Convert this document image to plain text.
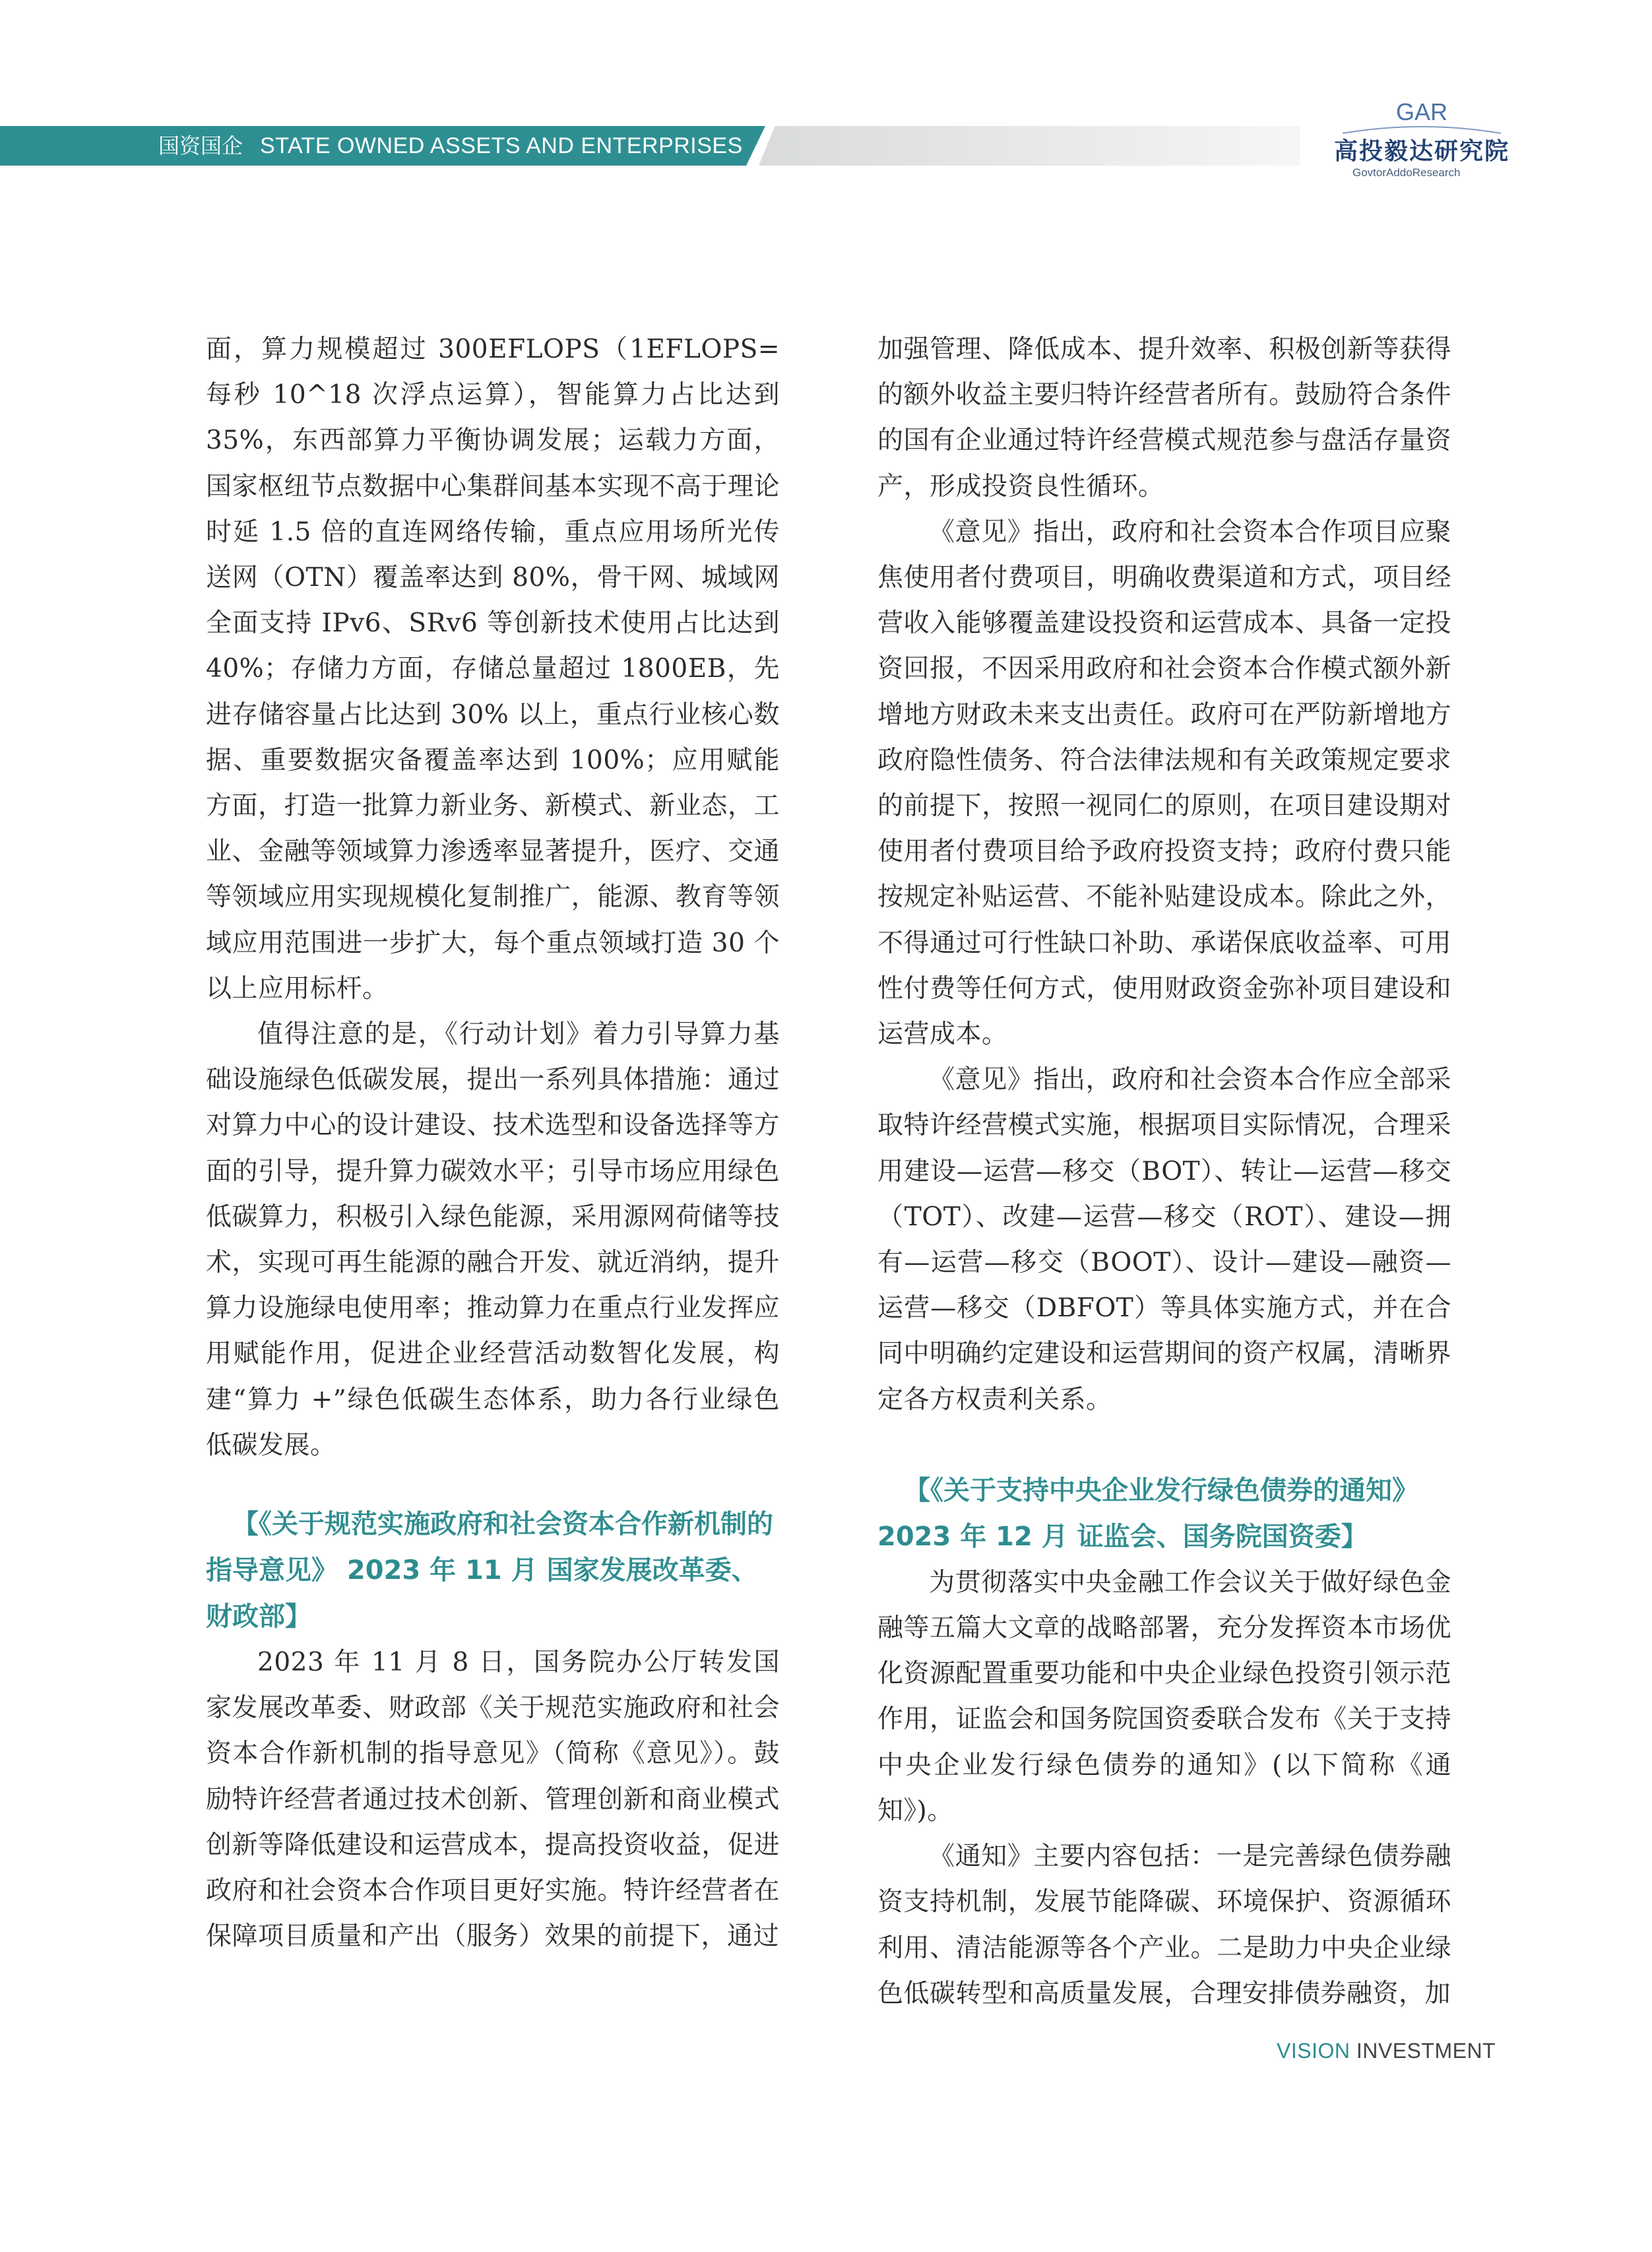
国资国企 STATE OWNED ASSETS AND ENTERPRISES
GAR
高投毅达研究院
GovtorAddoResearch

面，算力规模超过 300EFLOPS（1EFLOPS=每秒 10^18 次浮点运算），智能算力占比达到 35%，东西部算力平衡协调发展；运载力方面，国家枢纽节点数据中心集群间基本实现不高于理论时延 1.5 倍的直连网络传输，重点应用场所光传送网（OTN）覆盖率达到 80%，骨干网、城域网全面支持 IPv6、SRv6 等创新技术使用占比达到 40%；存储力方面，存储总量超过 1800EB，先进存储容量占比达到 30% 以上，重点行业核心数据、重要数据灾备覆盖率达到 100%；应用赋能方面，打造一批算力新业务、新模式、新业态，工业、金融等领域算力渗透率显著提升，医疗、交通等领域应用实现规模化复制推广，能源、教育等领域应用范围进一步扩大，每个重点领域打造 30 个以上应用标杆。

值得注意的是，《行动计划》着力引导算力基础设施绿色低碳发展，提出一系列具体措施：通过对算力中心的设计建设、技术选型和设备选择等方面的引导，提升算力碳效水平；引导市场应用绿色低碳算力，积极引入绿色能源，采用源网荷储等技术，实现可再生能源的融合开发、就近消纳，提升算力设施绿电使用率；推动算力在重点行业发挥应用赋能作用，促进企业经营活动数智化发展，构建“算力 +”绿色低碳生态体系，助力各行业绿色低碳发展。

【《关于规范实施政府和社会资本合作新机制的指导意见》 2023 年 11 月 国家发展改革委、财政部】

2023 年 11 月 8 日，国务院办公厅转发国家发展改革委、财政部《关于规范实施政府和社会资本合作新机制的指导意见》（简称《意见》）。鼓励特许经营者通过技术创新、管理创新和商业模式创新等降低建设和运营成本，提高投资收益，促进政府和社会资本合作项目更好实施。特许经营者在保障项目质量和产出（服务）效果的前提下，通过

加强管理、降低成本、提升效率、积极创新等获得的额外收益主要归特许经营者所有。鼓励符合条件的国有企业通过特许经营模式规范参与盘活存量资产，形成投资良性循环。

《意见》指出，政府和社会资本合作项目应聚焦使用者付费项目，明确收费渠道和方式，项目经营收入能够覆盖建设投资和运营成本、具备一定投资回报，不因采用政府和社会资本合作模式额外新增地方财政未来支出责任。政府可在严防新增地方政府隐性债务、符合法律法规和有关政策规定要求的前提下，按照一视同仁的原则，在项目建设期对使用者付费项目给予政府投资支持；政府付费只能按规定补贴运营、不能补贴建设成本。除此之外，不得通过可行性缺口补助、承诺保底收益率、可用性付费等任何方式，使用财政资金弥补项目建设和运营成本。

《意见》指出，政府和社会资本合作应全部采取特许经营模式实施，根据项目实际情况，合理采用建设—运营—移交（BOT）、转让—运营—移交（TOT）、改建—运营—移交（ROT）、建设—拥有—运营—移交（BOOT）、设计—建设—融资—运营—移交（DBFOT）等具体实施方式，并在合同中明确约定建设和运营期间的资产权属，清晰界定各方权责利关系。

【《关于支持中央企业发行绿色债券的通知》 2023 年 12 月 证监会、国务院国资委】

为贯彻落实中央金融工作会议关于做好绿色金融等五篇大文章的战略部署，充分发挥资本市场优化资源配置重要功能和中央企业绿色投资引领示范作用，证监会和国务院国资委联合发布《关于支持中央企业发行绿色债券的通知》(以下简称《通知》)。

《通知》主要内容包括：一是完善绿色债券融资支持机制，发展节能降碳、环境保护、资源循环利用、清洁能源等各个产业。二是助力中央企业绿色低碳转型和高质量发展，合理安排债券融资，加

VISION INVESTMENT
